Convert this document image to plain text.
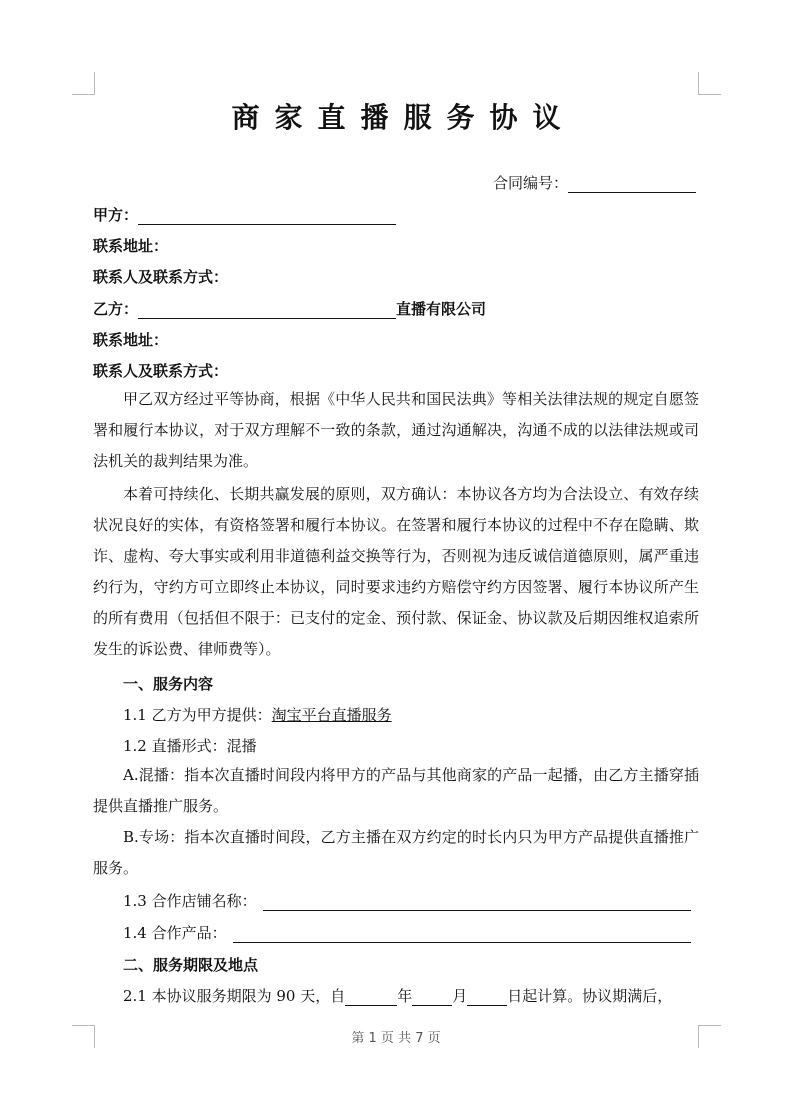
商家直播服务协议
合同编号：
甲方：
联系地址：
联系人及联系方式：
乙方：	直播有限公司
联系地址：
联系人及联系方式：
甲乙双方经过平等协商，根据《中华人民共和国民法典》等相关法律法规的规定自愿签署和履行本协议，对于双方理解不一致的条款，通过沟通解决，沟通不成的以法律法规或司法机关的裁判结果为准。
本着可持续化、长期共赢发展的原则，双方确认：本协议各方均为合法设立、有效存续状况良好的实体，有资格签署和履行本协议。在签署和履行本协议的过程中不存在隐瞒、欺诈、虚构、夸大事实或利用非道德利益交换等行为，否则视为违反诚信道德原则，属严重违约行为，守约方可立即终止本协议，同时要求违约方赔偿守约方因签署、履行本协议所产生的所有费用（包括但不限于：已支付的定金、预付款、保证金、协议款及后期因维权追索所发生的诉讼费、律师费等）。
一、服务内容
1.1 乙方为甲方提供：淘宝平台直播服务
1.2 直播形式：混播
A.混播：指本次直播时间段内将甲方的产品与其他商家的产品一起播，由乙方主播穿插提供直播推广服务。
B.专场：指本次直播时间段，乙方主播在双方约定的时长内只为甲方产品提供直播推广服务。
1.3 合作店铺名称：
1.4 合作产品：
二、服务期限及地点
2.1 本协议服务期限为 90 天，自	年	月	日起计算。协议期满后，
第 1 页 共 7 页
